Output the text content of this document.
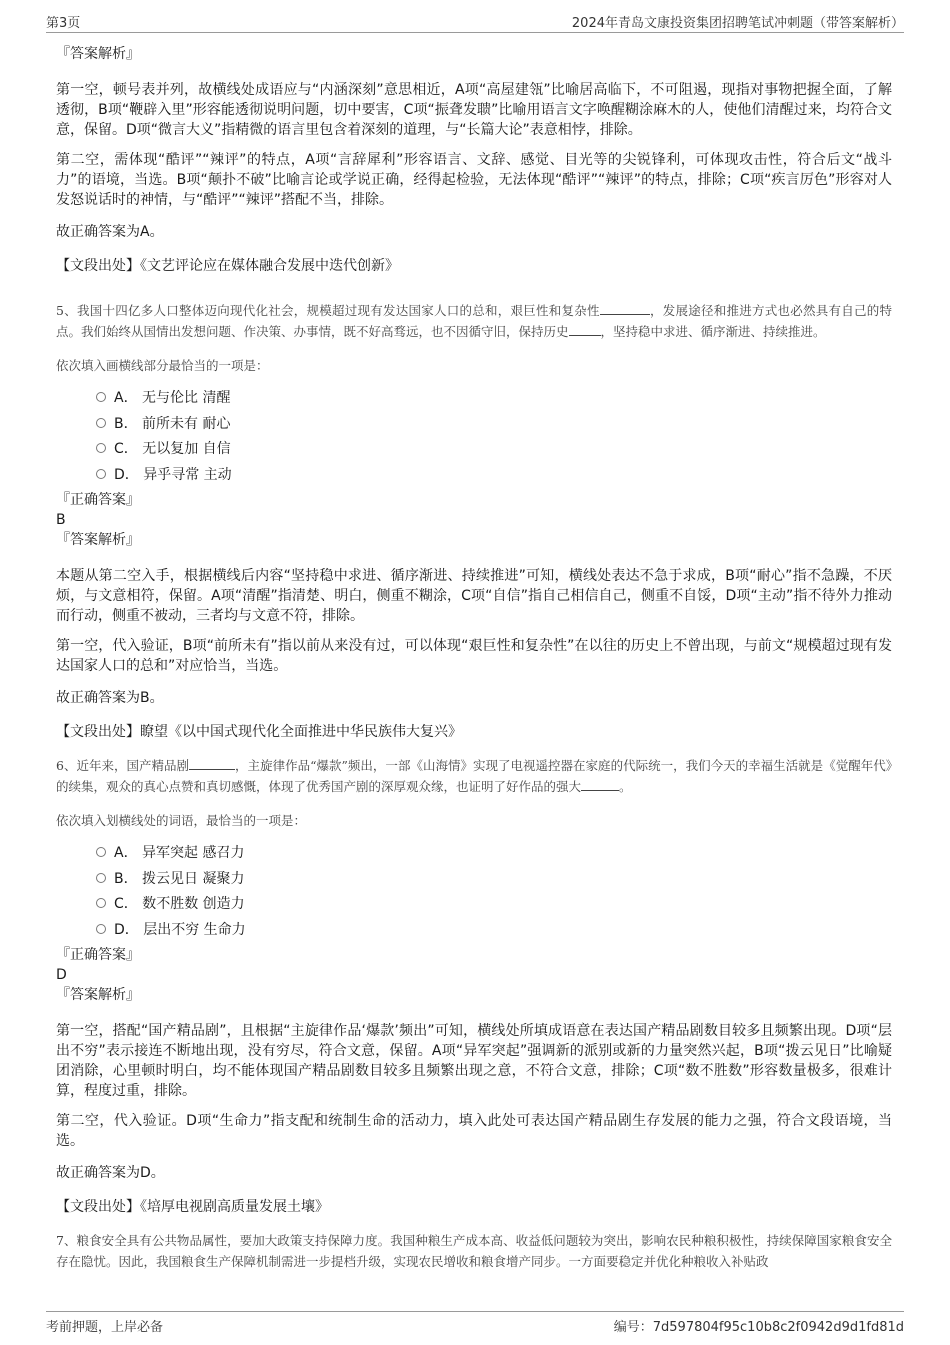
第3页	2024年青岛文康投资集团招聘笔试冲刺题（带答案解析）

『答案解析』

第一空，顿号表并列，故横线处成语应与“内涵深刻”意思相近，A项“高屋建瓴”比喻居高临下，不可阻遏，现指对事物把握全面，了解透彻，B项“鞭辟入里”形容能透彻说明问题，切中要害，C项“振聋发聩”比喻用语言文字唤醒糊涂麻木的人，使他们清醒过来，均符合文意，保留。D项“微言大义”指精微的语言里包含着深刻的道理，与“长篇大论”表意相悖，排除。

第二空，需体现“酷评”“辣评”的特点，A项“言辞犀利”形容语言、文辞、感觉、目光等的尖锐锋利，可体现攻击性，符合后文“战斗力”的语境，当选。B项“颠扑不破”比喻言论或学说正确，经得起检验，无法体现“酷评”“辣评”的特点，排除；C项“疾言厉色”形容对人发怒说话时的神情，与“酷评”“辣评”搭配不当，排除。

故正确答案为A。

【文段出处】《文艺评论应在媒体融合发展中迭代创新》

5、我国十四亿多人口整体迈向现代化社会，规模超过现有发达国家人口的总和，艰巨性和复杂性	，发展途径和推进方式也必然具有自己的特点。我们始终从国情出发想问题、作决策、办事情，既不好高骛远，也不因循守旧，保持历史	，坚持稳中求进、循序渐进、持续推进。

依次填入画横线部分最恰当的一项是：

A． 无与伦比 清醒
B． 前所未有 耐心
C． 无以复加 自信
D． 异乎寻常 主动

『正确答案』

B

『答案解析』

本题从第二空入手，根据横线后内容“坚持稳中求进、循序渐进、持续推进”可知，横线处表达不急于求成，B项“耐心”指不急躁，不厌烦，与文意相符，保留。A项“清醒”指清楚、明白，侧重不糊涂，C项“自信”指自己相信自己，侧重不自馁，D项“主动”指不待外力推动而行动，侧重不被动，三者均与文意不符，排除。

第一空，代入验证，B项“前所未有”指以前从来没有过，可以体现“艰巨性和复杂性”在以往的历史上不曾出现，与前文“规模超过现有发达国家人口的总和”对应恰当，当选。

故正确答案为B。

【文段出处】瞭望《以中国式现代化全面推进中华民族伟大复兴》

6、近年来，国产精品剧	，主旋律作品“爆款”频出，一部《山海情》实现了电视遥控器在家庭的代际统一，我们今天的幸福生活就是《觉醒年代》的续集，观众的真心点赞和真切感慨，体现了优秀国产剧的深厚观众缘，也证明了好作品的强大	。

依次填入划横线处的词语，最恰当的一项是：

A． 异军突起 感召力
B． 拨云见日 凝聚力
C． 数不胜数 创造力
D． 层出不穷 生命力

『正确答案』

D

『答案解析』

第一空，搭配“国产精品剧”，且根据“主旋律作品‘爆款’频出”可知，横线处所填成语意在表达国产精品剧数目较多且频繁出现。D项“层出不穷”表示接连不断地出现，没有穷尽，符合文意，保留。A项“异军突起”强调新的派别或新的力量突然兴起，B项“拨云见日”比喻疑团消除，心里顿时明白，均不能体现国产精品剧数目较多且频繁出现之意，不符合文意，排除；C项“数不胜数”形容数量极多，很难计算，程度过重，排除。

第二空，代入验证。D项“生命力”指支配和统制生命的活动力，填入此处可表达国产精品剧生存发展的能力之强，符合文段语境，当选。

故正确答案为D。

【文段出处】《培厚电视剧高质量发展土壤》

7、粮食安全具有公共物品属性，要加大政策支持保障力度。我国种粮生产成本高、收益低问题较为突出，影响农民种粮积极性，持续保障国家粮食安全存在隐忧。因此，我国粮食生产保障机制需进一步提档升级，实现农民增收和粮食增产同步。一方面要稳定并优化种粮收入补贴政

考前押题，上岸必备	编号：7d597804f95c10b8c2f0942d9d1fd81d
